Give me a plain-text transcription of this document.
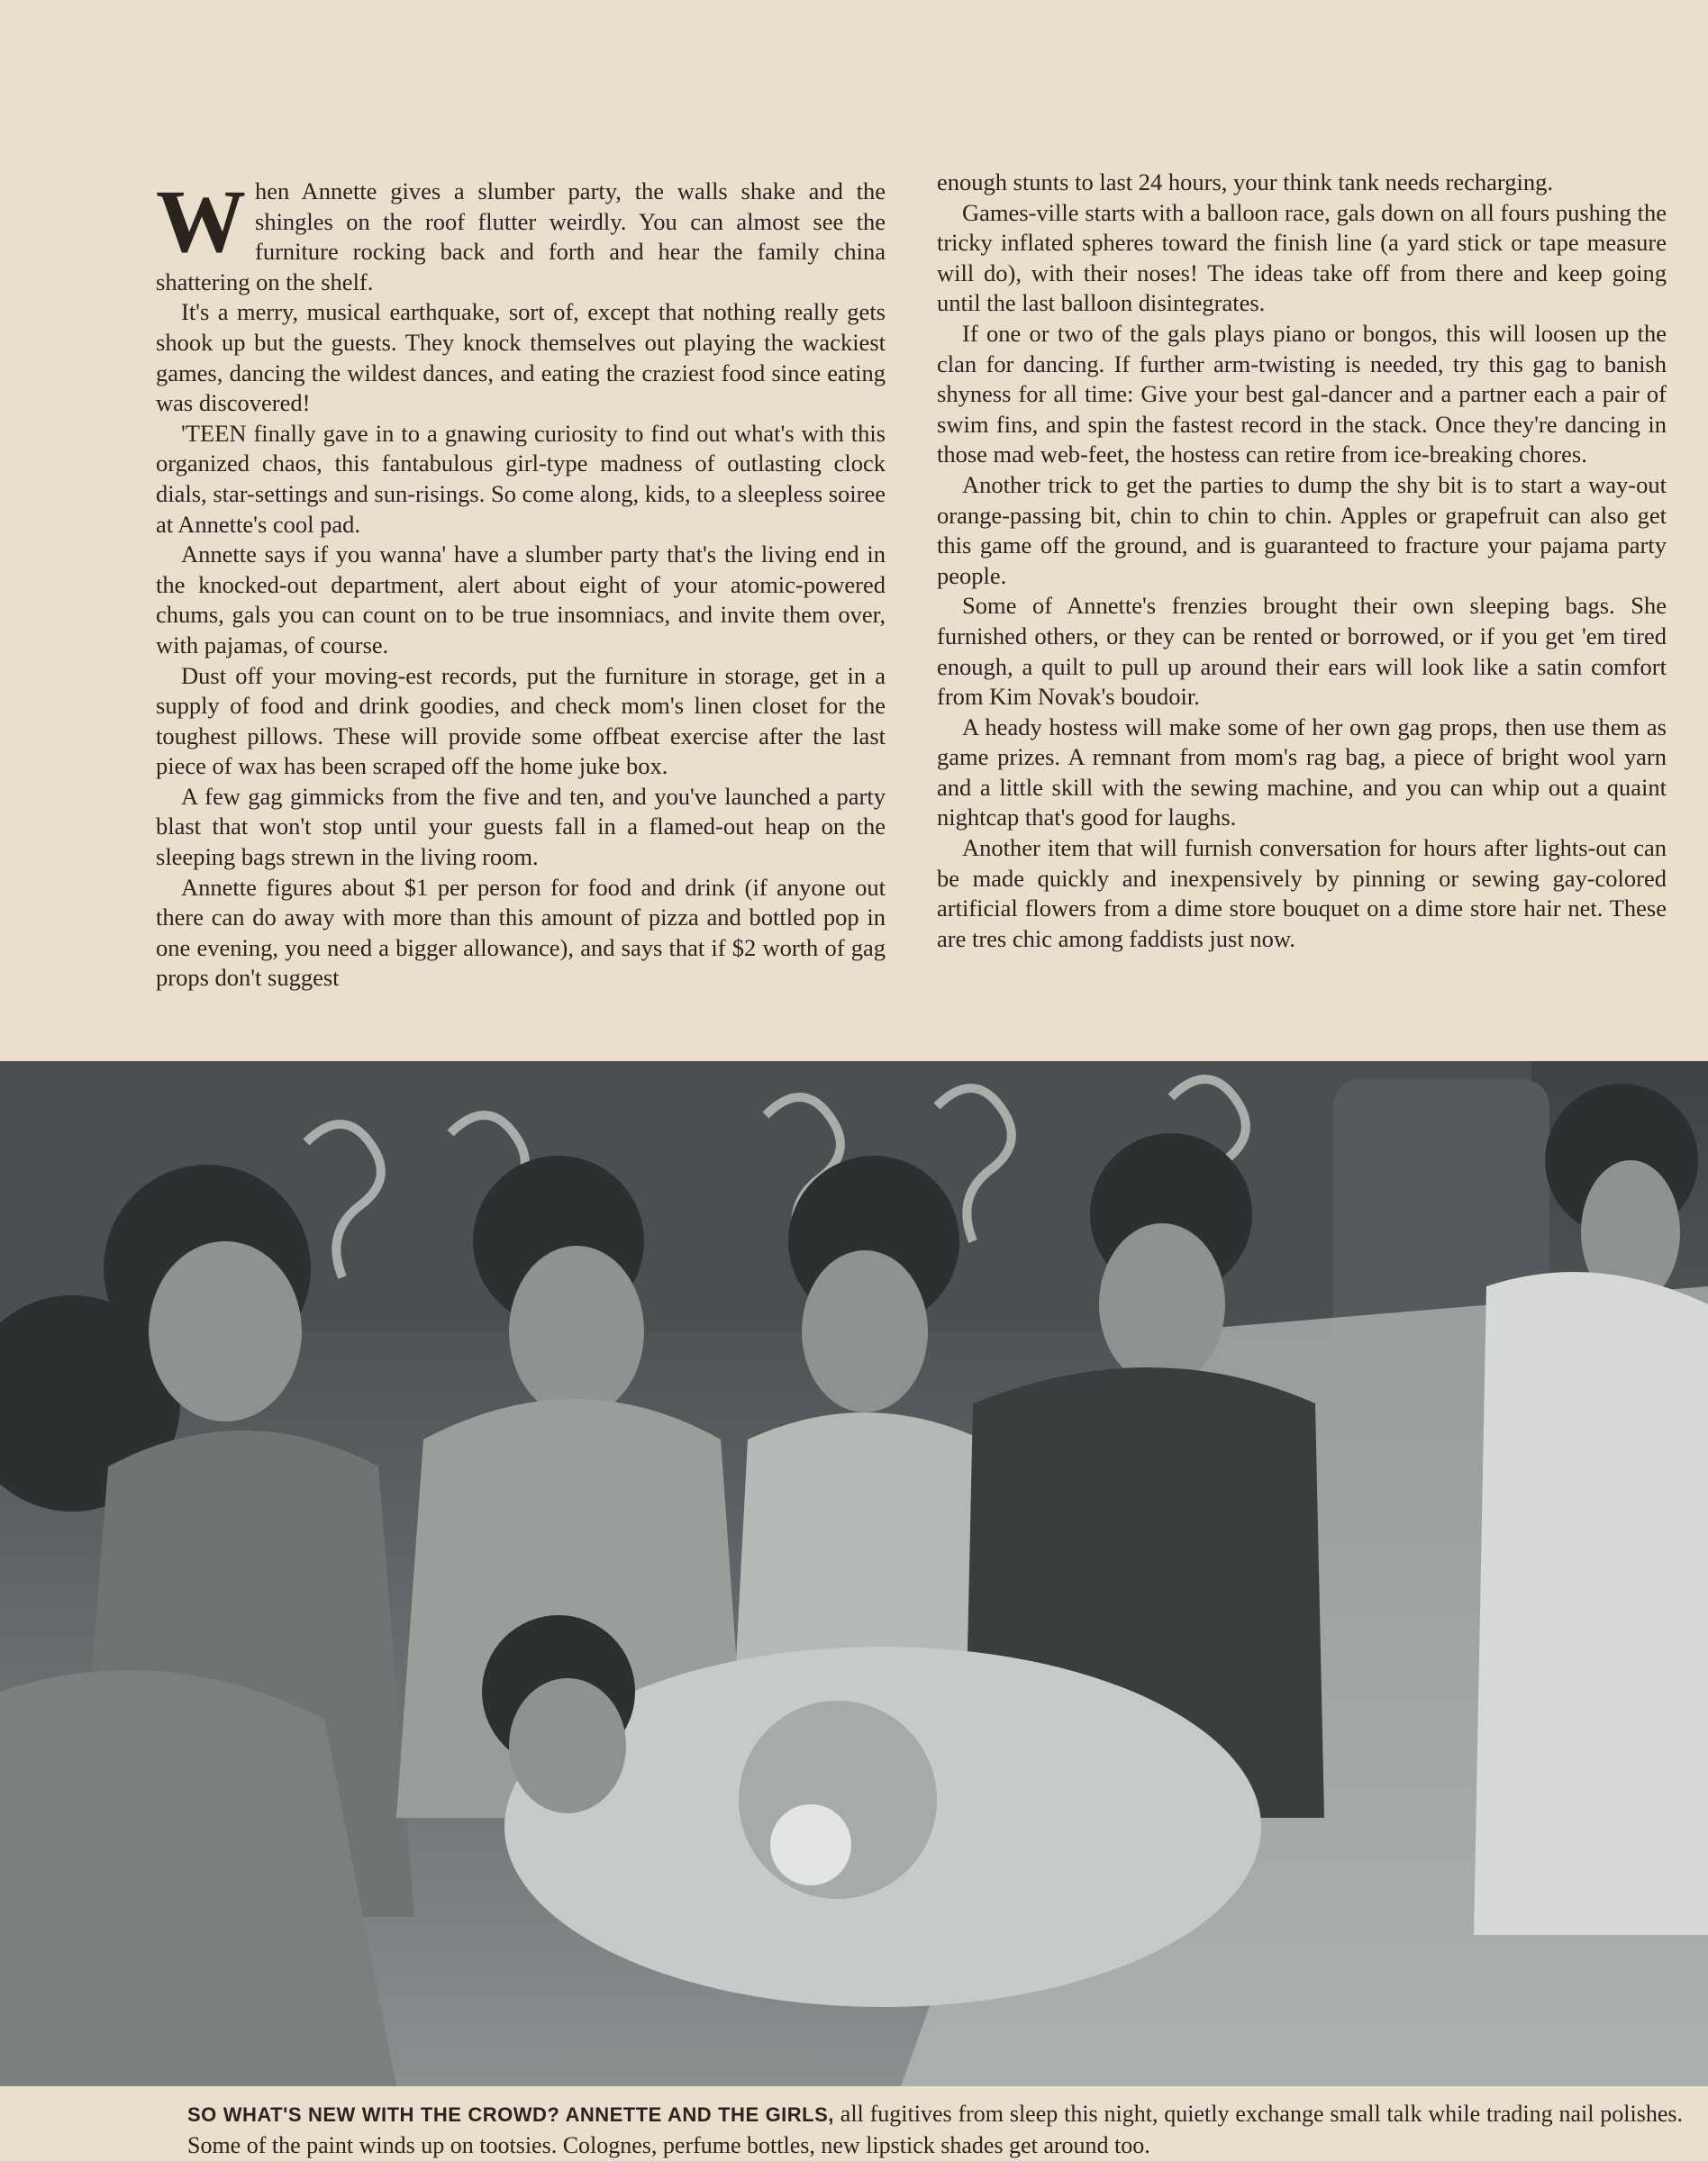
When Annette gives a slumber party, the walls shake and the shingles on the roof flutter weirdly. You can almost see the furniture rocking back and forth and hear the family china shattering on the shelf.

It's a merry, musical earthquake, sort of, except that nothing really gets shook up but the guests. They knock themselves out playing the wackiest games, dancing the wildest dances, and eating the craziest food since eating was discovered!

'TEEN finally gave in to a gnawing curiosity to find out what's with this organized chaos, this fantabulous girl-type madness of outlasting clock dials, star-settings and sun-risings. So come along, kids, to a sleepless soiree at Annette's cool pad.

Annette says if you wanna' have a slumber party that's the living end in the knocked-out department, alert about eight of your atomic-powered chums, gals you can count on to be true insomniacs, and invite them over, with pajamas, of course.

Dust off your moving-est records, put the furniture in storage, get in a supply of food and drink goodies, and check mom's linen closet for the toughest pillows. These will provide some offbeat exercise after the last piece of wax has been scraped off the home juke box.

A few gag gimmicks from the five and ten, and you've launched a party blast that won't stop until your guests fall in a flamed-out heap on the sleeping bags strewn in the living room.

Annette figures about $1 per person for food and drink (if anyone out there can do away with more than this amount of pizza and bottled pop in one evening, you need a bigger allowance), and says that if $2 worth of gag props don't suggest

enough stunts to last 24 hours, your think tank needs recharging.

Games-ville starts with a balloon race, gals down on all fours pushing the tricky inflated spheres toward the finish line (a yard stick or tape measure will do), with their noses! The ideas take off from there and keep going until the last balloon disintegrates.

If one or two of the gals plays piano or bongos, this will loosen up the clan for dancing. If further arm-twisting is needed, try this gag to banish shyness for all time: Give your best gal-dancer and a partner each a pair of swim fins, and spin the fastest record in the stack. Once they're dancing in those mad web-feet, the hostess can retire from ice-breaking chores.

Another trick to get the parties to dump the shy bit is to start a way-out orange-passing bit, chin to chin to chin. Apples or grapefruit can also get this game off the ground, and is guaranteed to fracture your pajama party people.

Some of Annette's frenzies brought their own sleeping bags. She furnished others, or they can be rented or borrowed, or if you get 'em tired enough, a quilt to pull up around their ears will look like a satin comfort from Kim Novak's boudoir.

A heady hostess will make some of her own gag props, then use them as game prizes. A remnant from mom's rag bag, a piece of bright wool yarn and a little skill with the sewing machine, and you can whip out a quaint nightcap that's good for laughs.

Another item that will furnish conversation for hours after lights-out can be made quickly and inexpensively by pinning or sewing gay-colored artificial flowers from a dime store bouquet on a dime store hair net. These are tres chic among faddists just now.

SO WHAT'S NEW WITH THE CROWD? ANNETTE AND THE GIRLS, all fugitives from sleep this night, quietly exchange small talk while trading nail polishes. Some of the paint winds up on tootsies. Colognes, perfume bottles, new lipstick shades get around too.
